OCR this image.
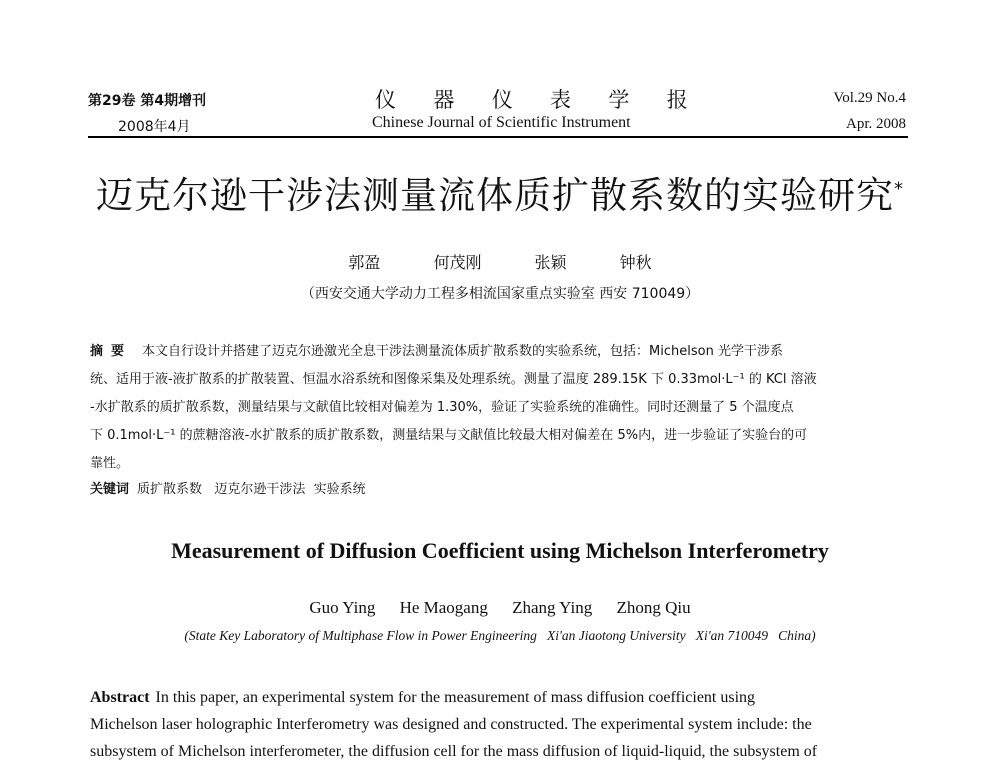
第29卷 第4期增刊
2008年4月
仪  器  仪  表  学  报
Chinese Journal of Scientific Instrument
Vol.29 No.4
Apr. 2008
迈克尔逊干涉法测量流体质扩散系数的实验研究*
郭盈	何茂刚	张颖	钟秋
（西安交通大学动力工程多相流国家重点实验室 西安 710049）
摘要 本文自行设计并搭建了迈克尔逊激光全息干涉法测量流体质扩散系数的实验系统，包括：Michelson 光学干涉系
统、适用于液-液扩散系的扩散装置、恒温水浴系统和图像采集及处理系统。测量了温度 289.15K 下 0.33mol·L⁻¹ 的 KCl 溶液
-水扩散系的质扩散系数，测量结果与文献值比较相对偏差为 1.30%，验证了实验系统的准确性。同时还测量了 5 个温度点
下 0.1mol·L⁻¹ 的蔗糖溶液-水扩散系的质扩散系数，测量结果与文献值比较最大相对偏差在 5%内，进一步验证了实验台的可
靠性。
关键词 质扩散系数   迈克尔逊干涉法  实验系统
Measurement of Diffusion Coefficient using Michelson Interferometry
Guo Ying He Maogang Zhang Ying Zhong Qiu
(State Key Laboratory of Multiphase Flow in Power Engineering   Xi'an Jiaotong University   Xi'an 710049   China)
Abstract In this paper, an experimental system for the measurement of mass diffusion coefficient using
Michelson laser holographic Interferometry was designed and constructed. The experimental system include: the
subsystem of Michelson interferometer, the diffusion cell for the mass diffusion of liquid-liquid, the subsystem of
